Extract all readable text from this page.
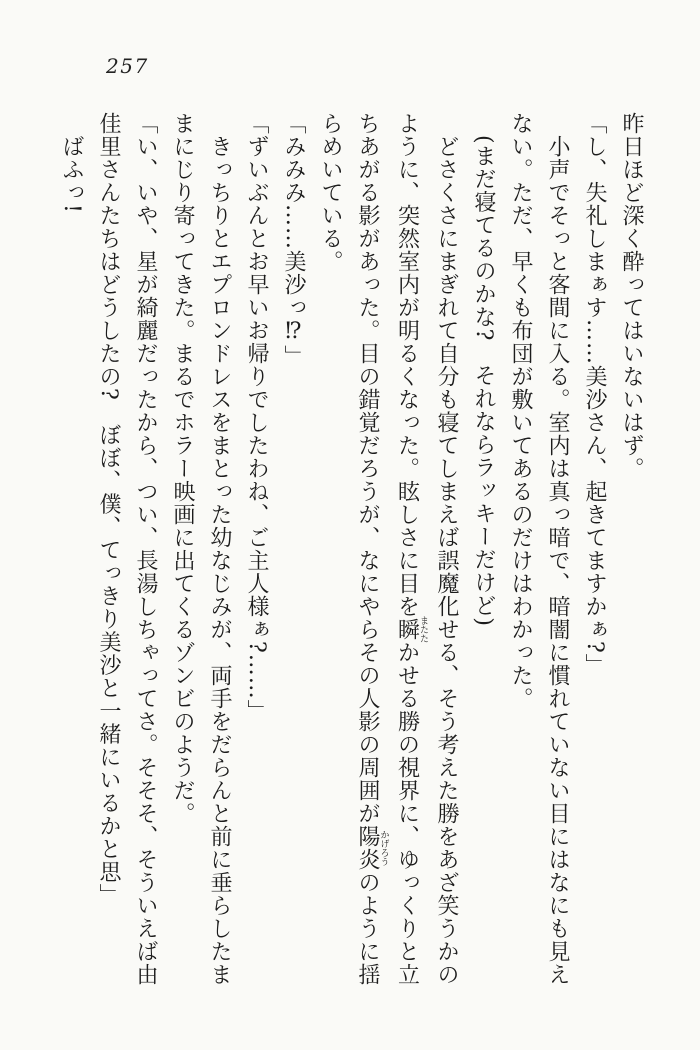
257
昨日ほど深く酔ってはいないはず。
「し、失礼しまぁす……美沙さん、起きてますかぁ?」
小声でそっと客間に入る。室内は真っ暗で、暗闇に慣れていない目にはなにも見え
ない。ただ、早くも布団が敷いてあるのだけはわかった。
(まだ寝てるのかな?　それならラッキーだけど)
どさくさにまぎれて自分も寝てしまえば誤魔化せる、そう考えた勝をあざ笑うかの
ように、突然室内が明るくなった。眩しさに目を瞬またたかせる勝の視界に、ゆっくりと立
ちあがる影があった。目の錯覚だろうが、なにやらその人影の周囲が陽炎かげろうのように揺
らめいている。
「みみみ……美沙っ⁉」
「ずいぶんとお早いお帰りでしたわね、ご主人様ぁ?……」
きっちりとエプロンドレスをまとった幼なじみが、両手をだらんと前に垂らしたま
まにじり寄ってきた。まるでホラー映画に出てくるゾンビのようだ。
「い、いや、星が綺麗だったから、つい、長湯しちゃってさ。そそそ、そういえば由
佳里さんたちはどうしたの?　ぼぼ、僕、てっきり美沙と一緒にいるかと思」
ばふっ!
